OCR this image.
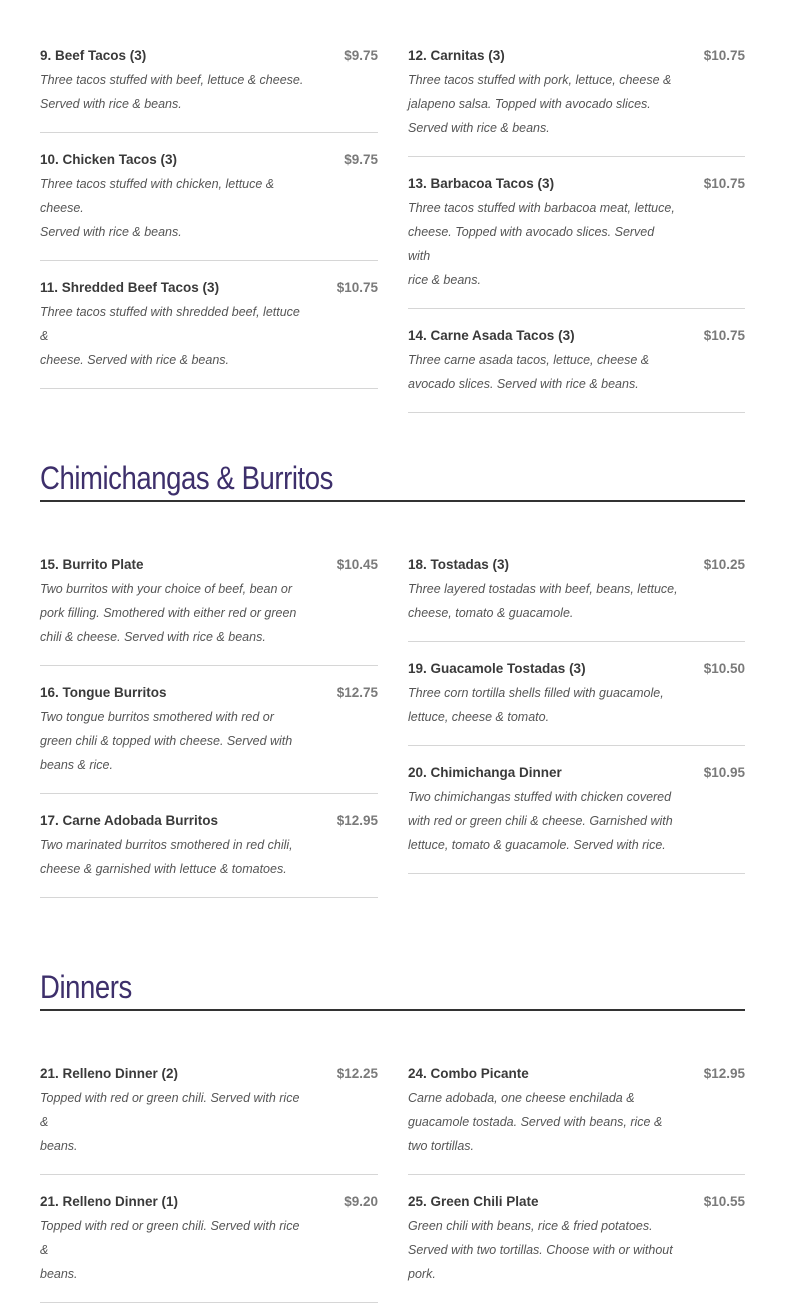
9. Beef Tacos (3)	$9.75
Three tacos stuffed with beef, lettuce & cheese.
Served with rice & beans.
10. Chicken Tacos (3)	$9.75
Three tacos stuffed with chicken, lettuce & cheese.
Served with rice & beans.
11. Shredded Beef Tacos (3)	$10.75
Three tacos stuffed with shredded beef, lettuce &
cheese. Served with rice & beans.
12. Carnitas (3)	$10.75
Three tacos stuffed with pork, lettuce, cheese &
jalapeno salsa. Topped with avocado slices.
Served with rice & beans.
13. Barbacoa Tacos (3)	$10.75
Three tacos stuffed with barbacoa meat, lettuce,
cheese. Topped with avocado slices. Served with
rice & beans.
14. Carne Asada Tacos (3)	$10.75
Three carne asada tacos, lettuce, cheese &
avocado slices. Served with rice & beans.
Chimichangas & Burritos
15. Burrito Plate	$10.45
Two burritos with your choice of beef, bean or
pork filling. Smothered with either red or green
chili & cheese. Served with rice & beans.
16. Tongue Burritos	$12.75
Two tongue burritos smothered with red or
green chili & topped with cheese. Served with
beans & rice.
17. Carne Adobada Burritos	$12.95
Two marinated burritos smothered in red chili,
cheese & garnished with lettuce & tomatoes.
18. Tostadas (3)	$10.25
Three layered tostadas with beef, beans, lettuce,
cheese, tomato & guacamole.
19. Guacamole Tostadas (3)	$10.50
Three corn tortilla shells filled with guacamole,
lettuce, cheese & tomato.
20. Chimichanga Dinner	$10.95
Two chimichangas stuffed with chicken covered
with red or green chili & cheese. Garnished with
lettuce, tomato & guacamole. Served with rice.
Dinners
21. Relleno Dinner (2)	$12.25
Topped with red or green chili. Served with rice &
beans.
21. Relleno Dinner (1)	$9.20
Topped with red or green chili. Served with rice &
beans.
24. Combo Picante	$12.95
Carne adobada, one cheese enchilada &
guacamole tostada. Served with beans, rice &
two tortillas.
25. Green Chili Plate	$10.55
Green chili with beans, rice & fried potatoes.
Served with two tortillas. Choose with or without
pork.
